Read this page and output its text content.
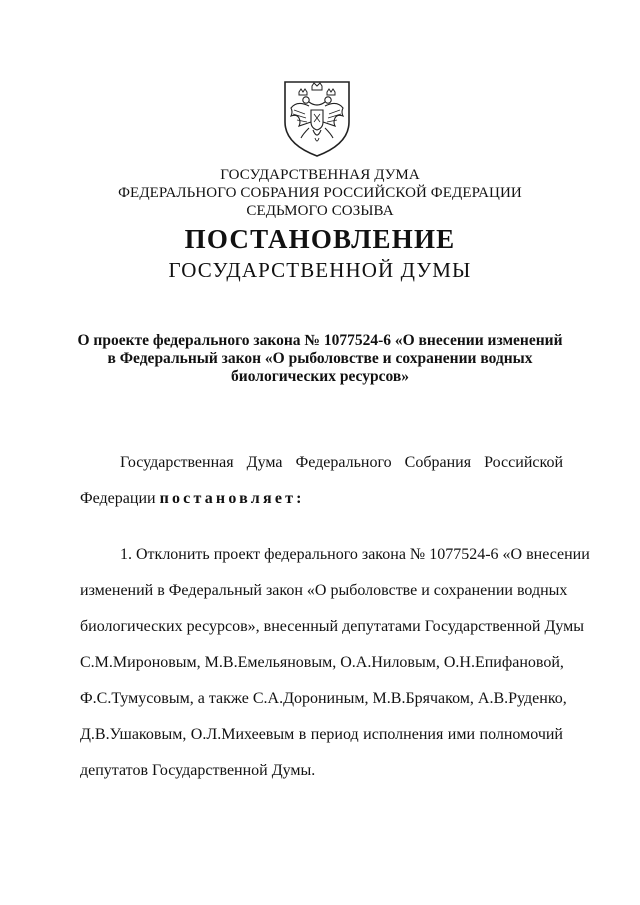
ГОСУДАРСТВЕННАЯ ДУМА
ФЕДЕРАЛЬНОГО СОБРАНИЯ РОССИЙСКОЙ ФЕДЕРАЦИИ
СЕДЬМОГО СОЗЫВА
ПОСТАНОВЛЕНИЕ
ГОСУДАРСТВЕННОЙ ДУМЫ
О проекте федерального закона № 1077524-6 «О внесении изменений
в Федеральный закон «О рыболовстве и сохранении водных
биологических ресурсов»
Государственная Дума Федерального Собрания Российской
Федерации постановляет:
1. Отклонить проект федерального закона № 1077524-6 «О внесении
изменений в Федеральный закон «О рыболовстве и сохранении водных
биологических ресурсов», внесенный депутатами Государственной Думы
С.М.Мироновым, М.В.Емельяновым, О.А.Ниловым, О.Н.Епифановой,
Ф.С.Тумусовым, а также С.А.Дорониным, М.В.Брячаком, А.В.Руденко,
Д.В.Ушаковым, О.Л.Михеевым в период исполнения ими полномочий
депутатов Государственной Думы.
